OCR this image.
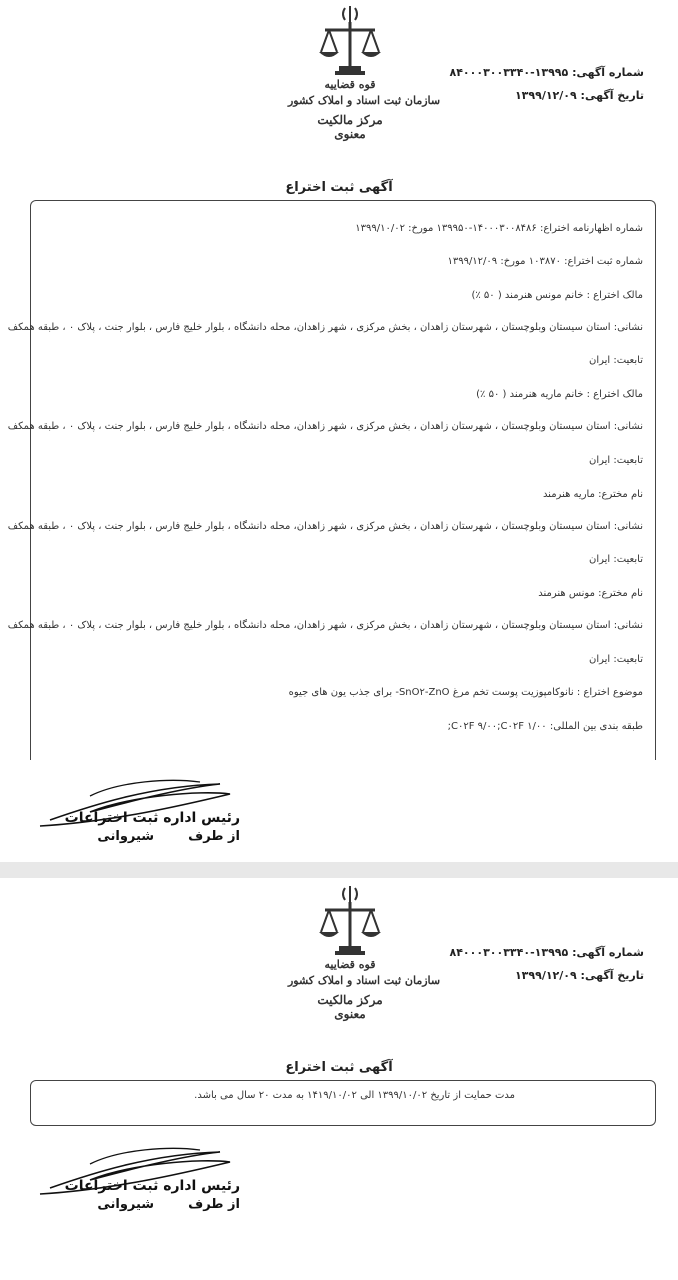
قوه قضاییه
سازمان ثبت اسناد و املاک کشور
مرکز مالکیت معنوی
شماره آگهی: ۱۳۹۹۵-۸۴۰۰۰۳۰۰۳۳۴۰
تاریخ آگهی: ۱۳۹۹/۱۲/۰۹
آگهی ثبت اختراع
شماره اظهارنامه اختراع: ۱۴۰۰۰۳۰۰۸۴۸۶-۱۳۹۹۵۰ مورخ: ۱۳۹۹/۱۰/۰۲
شماره ثبت اختراع: ۱۰۳۸۷۰ مورخ: ۱۳۹۹/۱۲/۰۹
مالک اختراع : خانم مونس هنرمند ( ۵۰ ٪)
نشانی: استان سیستان وبلوچستان ، شهرستان زاهدان ، بخش مرکزی ، شهر زاهدان، محله دانشگاه ، بلوار خلیج فارس ، بلوار جنت ، پلاک ۰ ، طبقه همکف
تابعیت: ایران
مالک اختراع : خانم ماریه هنرمند ( ۵۰ ٪)
نشانی: استان سیستان وبلوچستان ، شهرستان زاهدان ، بخش مرکزی ، شهر زاهدان، محله دانشگاه ، بلوار خلیج فارس ، بلوار جنت ، پلاک ۰ ، طبقه همکف
تابعیت: ایران
نام مخترع: ماریه هنرمند
نشانی: استان سیستان وبلوچستان ، شهرستان زاهدان ، بخش مرکزی ، شهر زاهدان، محله دانشگاه ، بلوار خلیج فارس ، بلوار جنت ، پلاک ۰ ، طبقه همکف
تابعیت: ایران
نام مخترع: مونس هنرمند
نشانی: استان سیستان وبلوچستان ، شهرستان زاهدان ، بخش مرکزی ، شهر زاهدان، محله دانشگاه ، بلوار خلیج فارس ، بلوار جنت ، پلاک ۰ ، طبقه همکف
تابعیت: ایران
موضوع اختراع : نانوکامپوزیت پوست تخم مرغ SnO۲-ZnO- برای جذب یون های جیوه
طبقه بندی بین المللی: C۰۲F ۹/۰۰;C۰۲F ۱/۰۰;
رئیس اداره ثبت اختراعات
از طرفشیروانی
قوه قضاییه
سازمان ثبت اسناد و املاک کشور
مرکز مالکیت معنوی
شماره آگهی: ۱۳۹۹۵-۸۴۰۰۰۳۰۰۳۳۴۰
تاریخ آگهی: ۱۳۹۹/۱۲/۰۹
آگهی ثبت اختراع
مدت حمایت از تاریخ ۱۳۹۹/۱۰/۰۲ الی ۱۴۱۹/۱۰/۰۲ به مدت ۲۰ سال می باشد.
رئیس اداره ثبت اختراعات
از طرفشیروانی
